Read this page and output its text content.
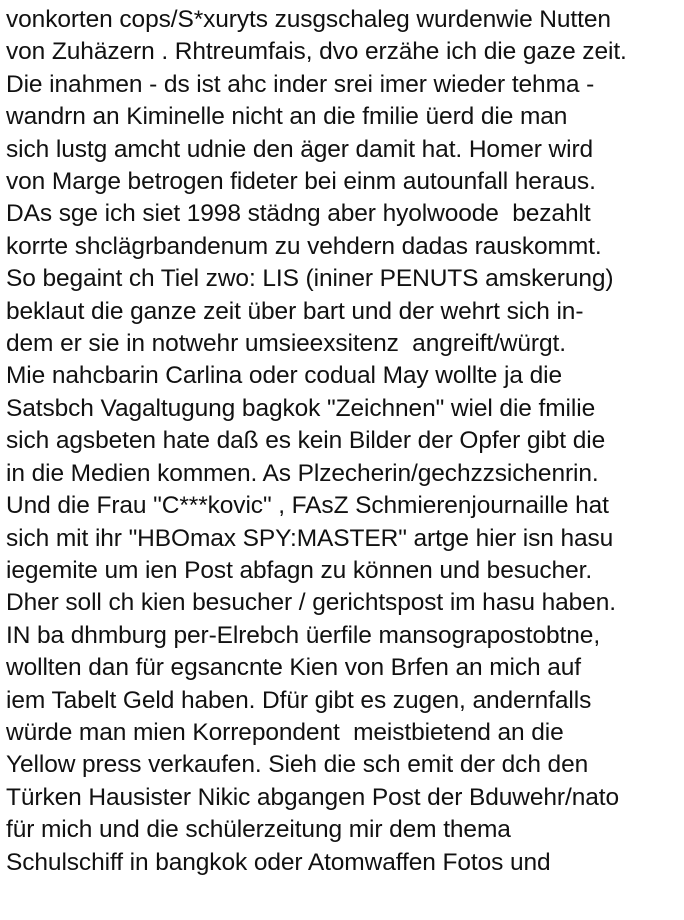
vonkorten cops/S*xuryts zusgschaleg wurdenwie Nutten
von Zuhäzern . Rhtreumfais, dvo erzähe ich die gaze zeit.
Die inahmen - ds ist ahc inder srei imer wieder tehma -
wandrn an Kiminelle nicht an die fmilie üerd die man
sich lustg amcht udnie den äger damit hat. Homer wird
von Marge betrogen fideter bei einm autounfall heraus.
DAs sge ich siet 1998 städng aber hyolwoode  bezahlt
korrte shclägrbandenum zu vehdern dadas rauskommt.
So begaint ch Tiel zwo: LIS (ininer PENUTS amskerung)
beklaut die ganze zeit über bart und der wehrt sich in-
dem er sie in notwehr umsieexsitenz  angreift/würgt.
Mie nahcbarin Carlina oder codual May wollte ja die
Satsbch Vagaltugung bagkok "Zeichnen" wiel die fmilie
sich agsbeten hate daß es kein Bilder der Opfer gibt die
in die Medien kommen. As Plzecherin/gechzzsichenrin.
Und die Frau "C***kovic" , FAsZ Schmierenjournaille hat
sich mit ihr "HBOmax SPY:MASTER" artge hier isn hasu
iegemite um ien Post abfagn zu können und besucher.
Dher soll ch kien besucher / gerichtspost im hasu haben.
IN ba dhmburg per-Elrebch üerfile mansograpostobtne,
wollten dan für egsancnte Kien von Brfen an mich auf
iem Tabelt Geld haben. Dfür gibt es zugen, andernfalls
würde man mien Korrepondent  meistbietend an die
Yellow press verkaufen. Sieh die sch emit der dch den
Türken Hausister Nikic abgangen Post der Bduwehr/nato
für mich und die schülerzeitung mir dem thema
Schulschiff in bangkok oder Atomwaffen Fotos und
